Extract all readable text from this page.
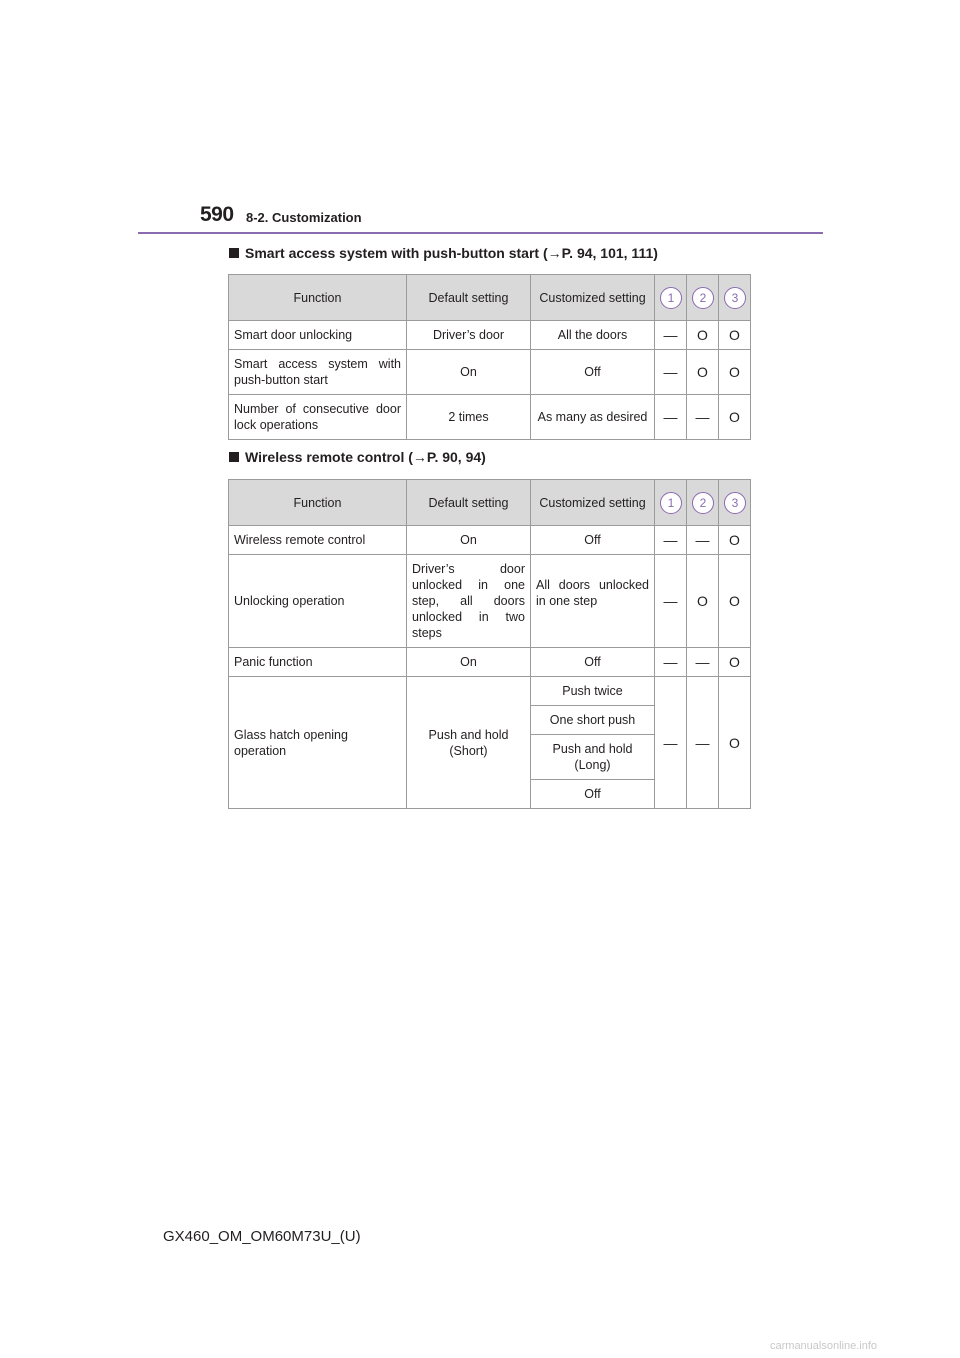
590 8-2. Customization
Smart access system with push-button start (→P. 94, 101, 111)
Function	Default setting	Customized setting	1	2	3
Smart door unlocking	Driver’s door	All the doors	—	O	O
Smart access system with push-button start	On	Off	—	O	O
Number of consecutive door lock operations	2 times	As many as desired	—	—	O
Wireless remote control (→P. 90, 94)
Function	Default setting	Customized setting	1	2	3
Wireless remote control	On	Off	—	—	O
Unlocking operation	Driver’s door unlocked in one step, all doors unlocked in two steps	All doors unlocked in one step	—	O	O
Panic function	On	Off	—	—	O
Glass hatch opening operation	Push and hold (Short)	Push twice	—	—	O
		One short push			
		Push and hold (Long)			
		Off			
GX460_OM_OM60M73U_(U)
carmanualsonline.info
